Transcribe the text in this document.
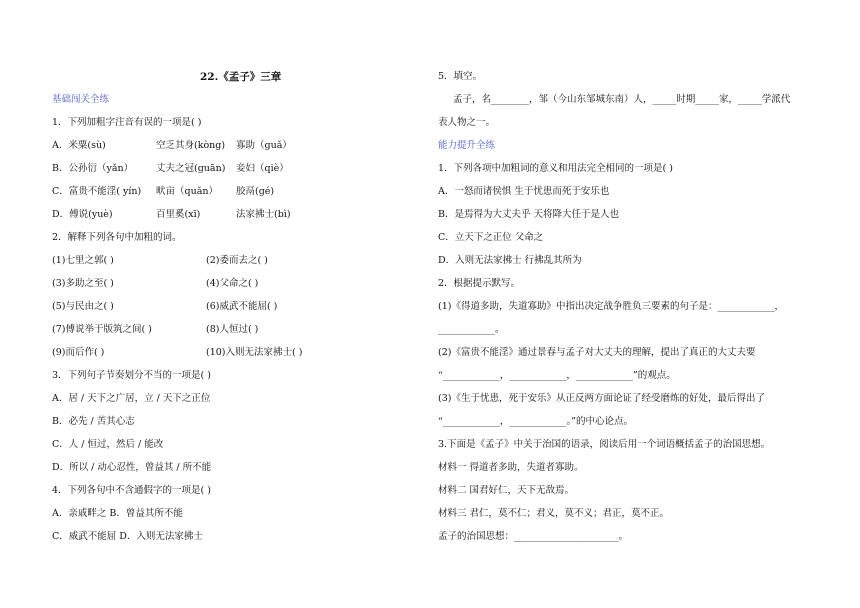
22.《孟子》三章
基础闯关全练
1．下列加粗字注音有误的一项是( )
A．米粟(sù)	空乏其身(kòng) 寡助（guǎ）
B．公孙衍（yǎn） 丈夫之冠(guān) 妾妇（qiè）
C．富贵不能淫( yín) 畎亩（quǎn） 胶鬲(gé)
D．傅说(yuè)	百里奚(xī)	法家拂士(bì)
2．解释下列各句中加粗的词。
(1)七里之郭( )	(2)委而去之( )
(3)多助之至( )	(4)父命之( )
(5)与民由之( )	(6)威武不能屈( )
(7)傅说举于版筑之间( )	(8)人恒过( )
(9)而后作( )	(10)入则无法家拂士( )
3．下列句子节奏划分不当的一项是( )
A．居 / 天下之广居，立 / 天下之正位
B．必先 / 苦其心志
C．人 / 恒过，然后 / 能改
D．所以 / 动心忍性，曾益其 / 所不能
4．下列各句中不含通假字的一项是( )
A．亲戚畔之 B．曾益其所不能
C．威武不能屈 D．入则无法家拂士
5．填空。
孟子，名________，邹（今山东邹城东南）人，_____时期_____家，_____学派代
表人物之一。
能力提升全练
1．下列各项中加粗词的意义和用法完全相同的一项是( )
A．一怒而诸侯惧 生于忧患而死于安乐也
B．是焉得为大丈夫乎 天将降大任于是人也
C．立天下之正位 父命之
D．入则无法家拂士 行拂乱其所为
2．根据提示默写。
(1)《得道多助，失道寡助》中指出决定战争胜负三要素的句子是：____________，
____________。
(2)《富贵不能淫》通过景春与孟子对大丈夫的理解，提出了真正的大丈夫要
“____________，____________，____________”的观点。
(3)《生于忧患，死于安乐》从正反两方面论证了经受磨炼的好处，最后得出了
“____________，____________。”的中心论点。
3.下面是《孟子》中关于治国的语录，阅读后用一个词语概括孟子的治国思想。
材料一 得道者多助，失道者寡助。
材料二 国君好仁，天下无敌焉。
材料三 君仁，莫不仁；君义，莫不义；君正，莫不正。
孟子的治国思想：______________________。
